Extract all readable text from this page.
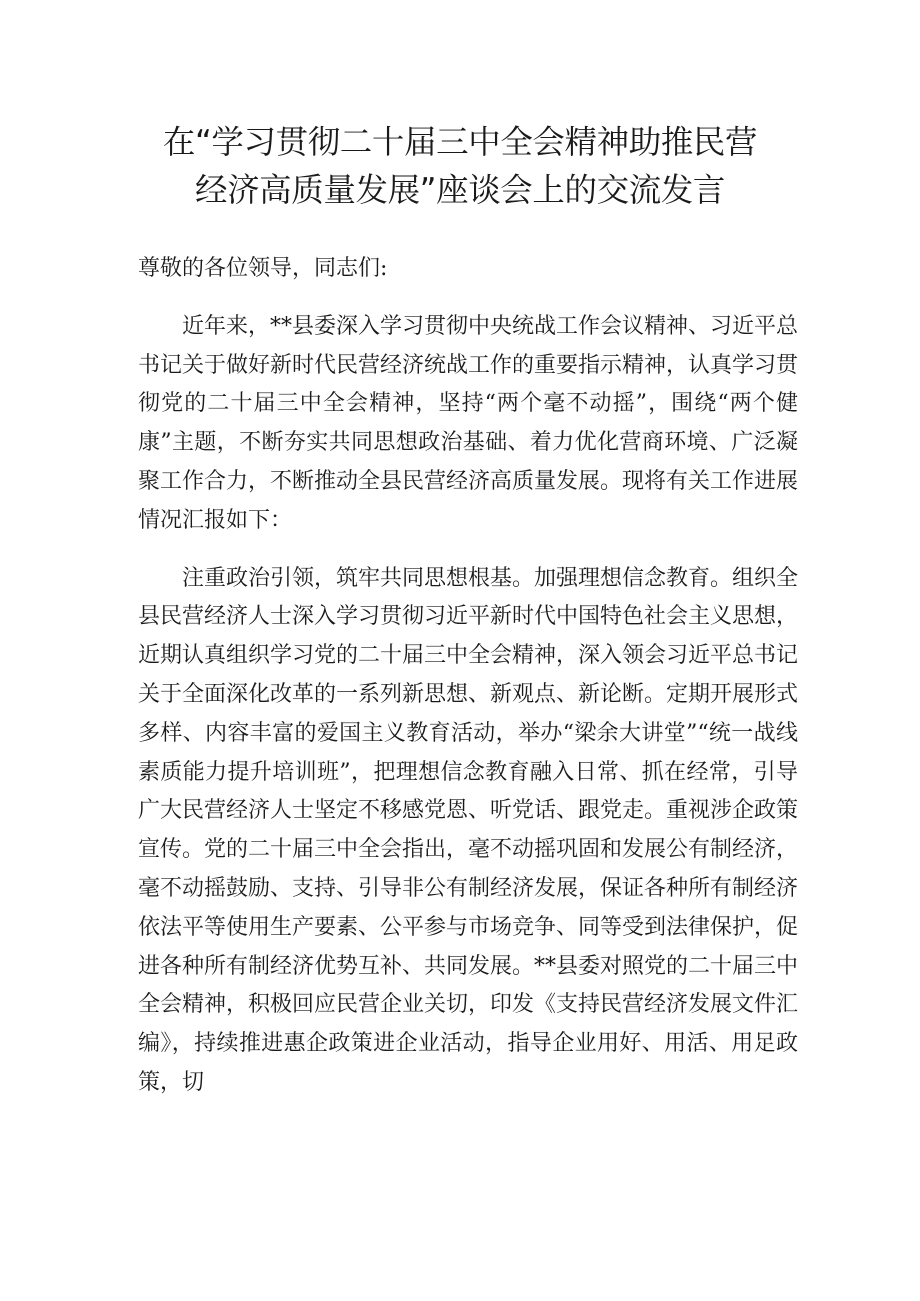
在“学习贯彻二十届三中全会精神助推民营
经济高质量发展”座谈会上的交流发言

尊敬的各位领导，同志们:

近年来，**县委深入学习贯彻中央统战工作会议精神、习近平总书记关于做好新时代民营经济统战工作的重要指示精神，认真学习贯彻党的二十届三中全会精神，坚持“两个毫不动摇”，围绕“两个健康”主题，不断夯实共同思想政治基础、着力优化营商环境、广泛凝聚工作合力，不断推动全县民营经济高质量发展。现将有关工作进展情况汇报如下：

注重政治引领，筑牢共同思想根基。加强理想信念教育。组织全县民营经济人士深入学习贯彻习近平新时代中国特色社会主义思想，近期认真组织学习党的二十届三中全会精神，深入领会习近平总书记关于全面深化改革的一系列新思想、新观点、新论断。定期开展形式多样、内容丰富的爱国主义教育活动，举办“梁余大讲堂”“统一战线素质能力提升培训班”，把理想信念教育融入日常、抓在经常，引导广大民营经济人士坚定不移感党恩、听党话、跟党走。重视涉企政策宣传。党的二十届三中全会指出，毫不动摇巩固和发展公有制经济，毫不动摇鼓励、支持、引导非公有制经济发展，保证各种所有制经济依法平等使用生产要素、公平参与市场竞争、同等受到法律保护，促进各种所有制经济优势互补、共同发展。**县委对照党的二十届三中全会精神，积极回应民营企业关切，印发《支持民营经济发展文件汇编》，持续推进惠企政策进企业活动，指导企业用好、用活、用足政策，切
